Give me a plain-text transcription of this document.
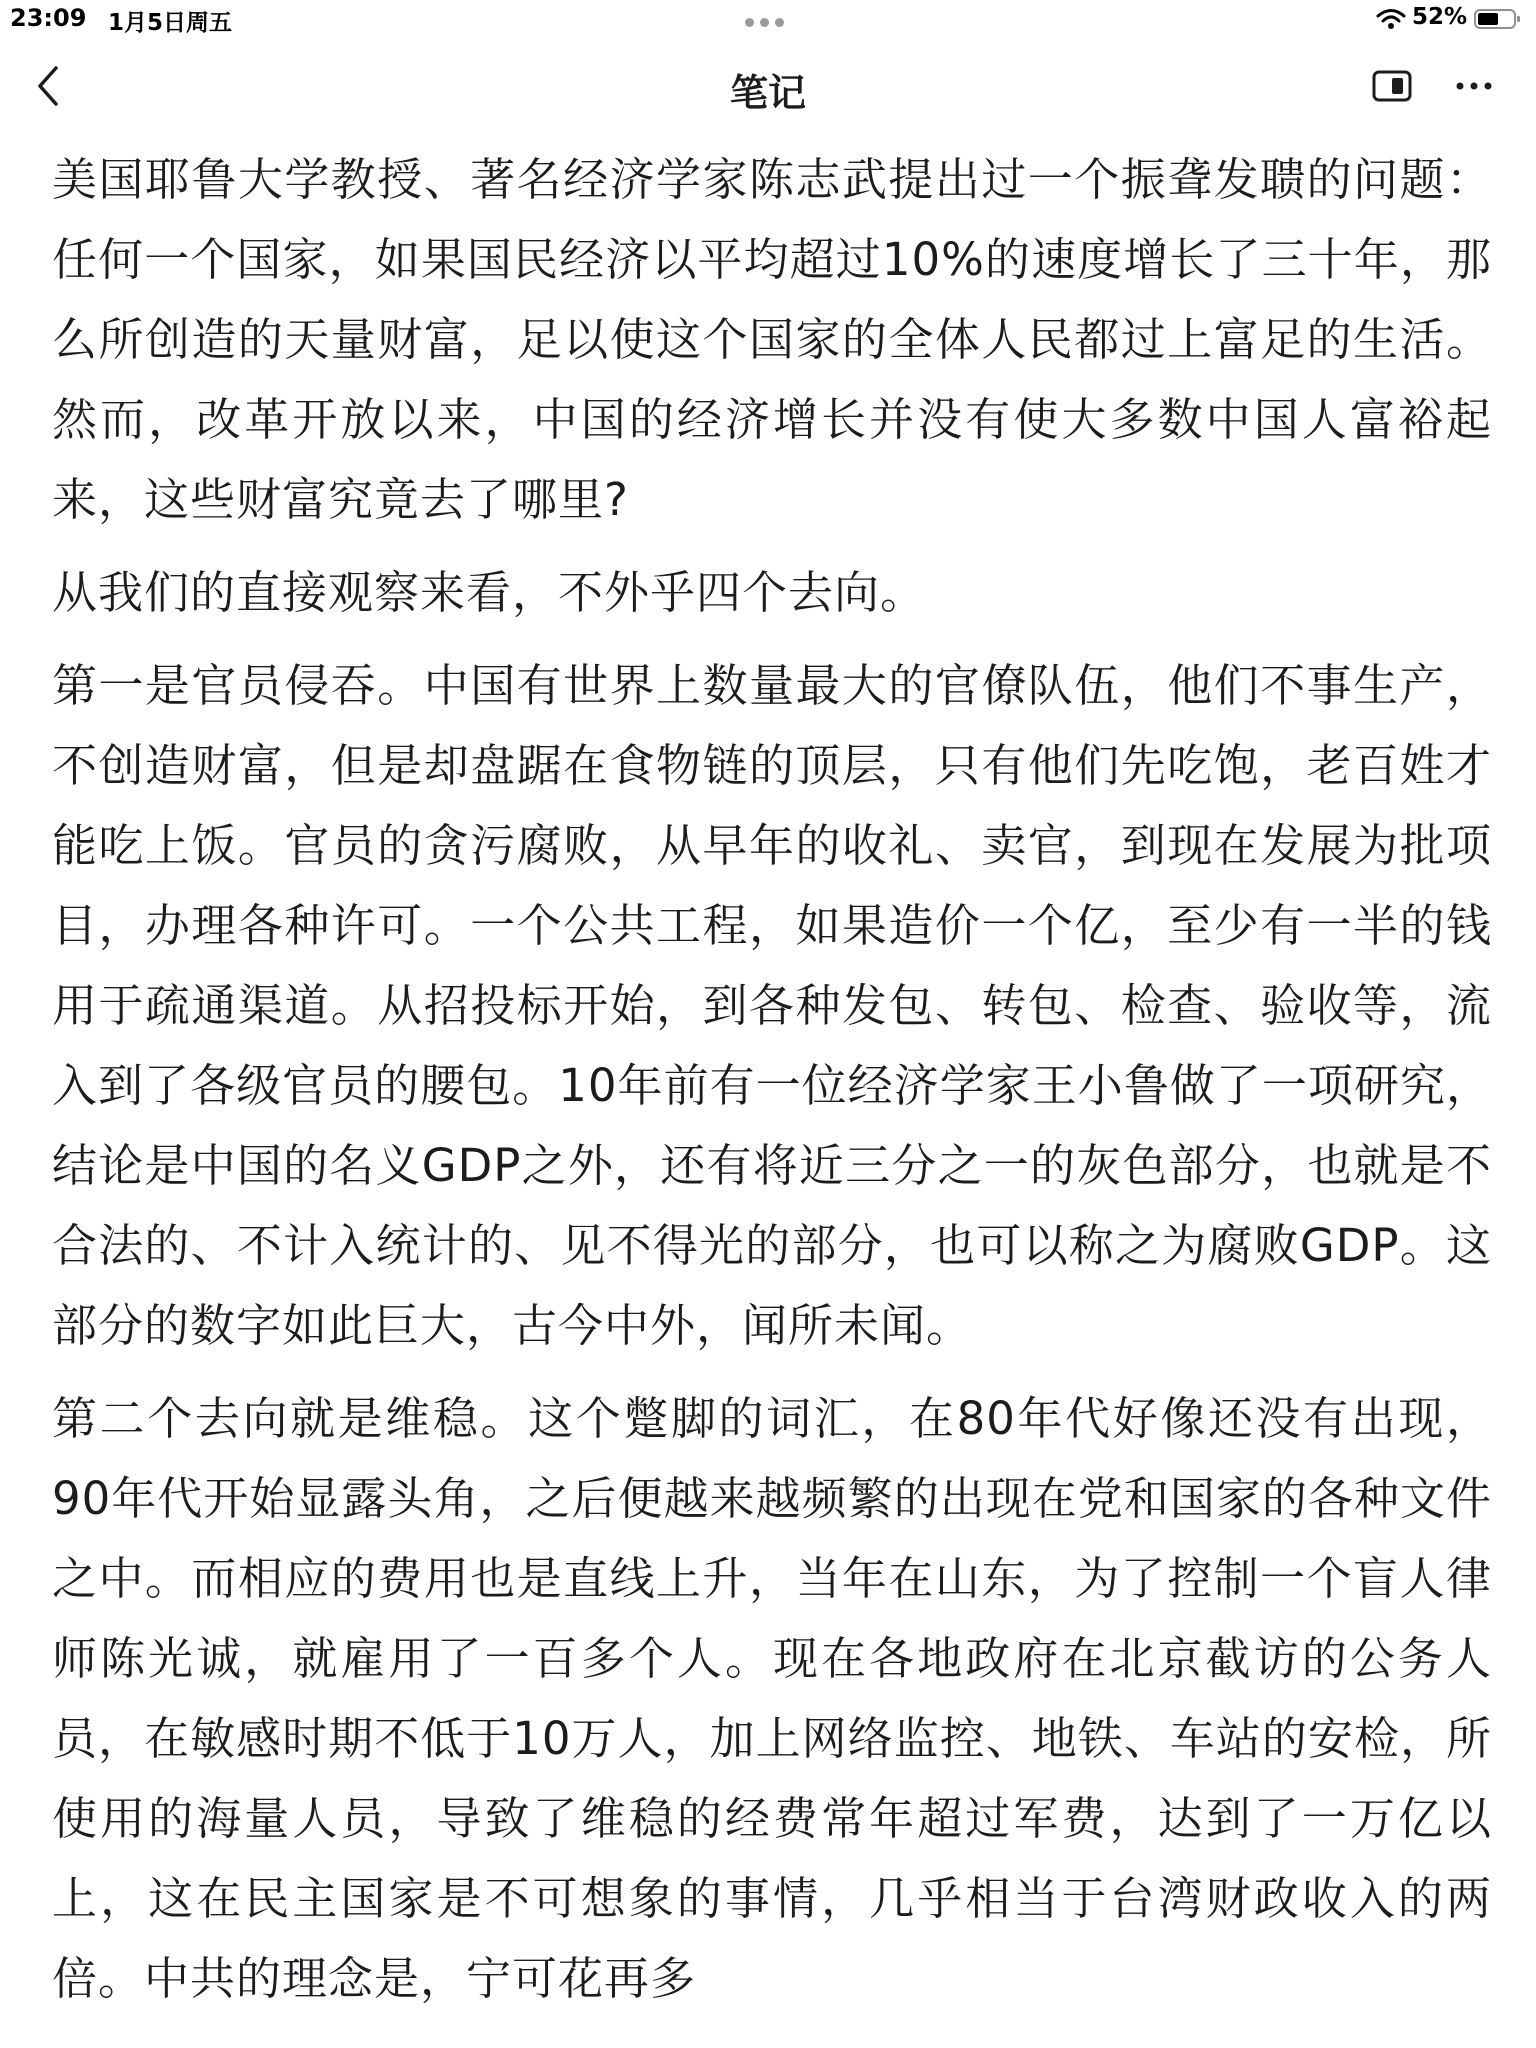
23:09 1月5日周五	52%
笔记

美国耶鲁大学教授、著名经济学家陈志武提出过一个振聋发聩的问题：任何一个国家，如果国民经济以平均超过10%的速度增长了三十年，那么所创造的天量财富，足以使这个国家的全体人民都过上富足的生活。然而，改革开放以来，中国的经济增长并没有使大多数中国人富裕起来，这些财富究竟去了哪里?

从我们的直接观察来看，不外乎四个去向。

第一是官员侵吞。中国有世界上数量最大的官僚队伍，他们不事生产，不创造财富，但是却盘踞在食物链的顶层，只有他们先吃饱，老百姓才能吃上饭。官员的贪污腐败，从早年的收礼、卖官，到现在发展为批项目，办理各种许可。一个公共工程，如果造价一个亿，至少有一半的钱用于疏通渠道。从招投标开始，到各种发包、转包、检查、验收等，流入到了各级官员的腰包。10年前有一位经济学家王小鲁做了一项研究，结论是中国的名义GDP之外，还有将近三分之一的灰色部分，也就是不合法的、不计入统计的、见不得光的部分，也可以称之为腐败GDP。这部分的数字如此巨大，古今中外，闻所未闻。

第二个去向就是维稳。这个蹩脚的词汇，在80年代好像还没有出现，90年代开始显露头角，之后便越来越频繁的出现在党和国家的各种文件之中。而相应的费用也是直线上升，当年在山东，为了控制一个盲人律师陈光诚，就雇用了一百多个人。现在各地政府在北京截访的公务人员，在敏感时期不低于10万人，加上网络监控、地铁、车站的安检，所使用的海量人员，导致了维稳的经费常年超过军费，达到了一万亿以上，这在民主国家是不可想象的事情，几乎相当于台湾财政收入的两倍。中共的理念是，宁可花再多
